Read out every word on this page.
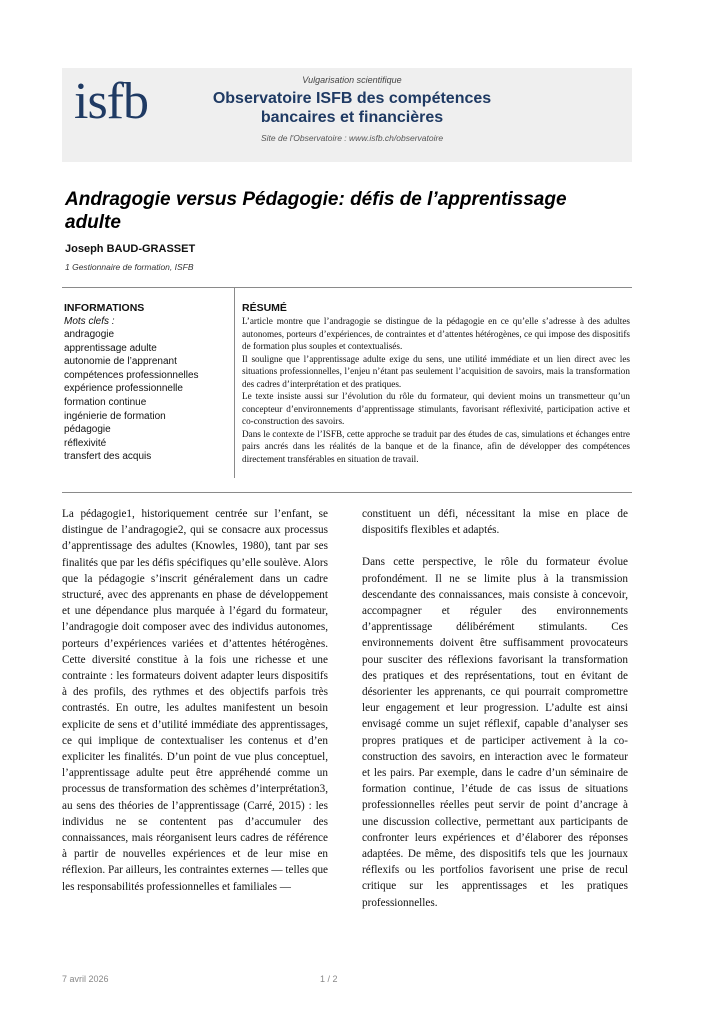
isfb	Vulgarisation scientifique
Observatoire ISFB des compétences
bancaires et financières
Site de l'Observatoire : www.isfb.ch/observatoire
Andragogie versus Pédagogie: défis de l’apprentissage adulte
Joseph BAUD-GRASSET
1 Gestionnaire de formation, ISFB
INFORMATIONS
Mots clefs :
andragogie
apprentissage adulte
autonomie de l’apprenant
compétences professionnelles
expérience professionnelle
formation continue
ingénierie de formation
pédagogie
réflexivité
transfert des acquis
RÉSUMÉ

L’article montre que l’andragogie se distingue de la pédagogie en ce qu’elle s’adresse à des adultes autonomes, porteurs d’expériences, de contraintes et d’attentes hétérogènes, ce qui impose des dispositifs de formation plus souples et contextualisés.

Il souligne que l’apprentissage adulte exige du sens, une utilité immédiate et un lien direct avec les situations professionnelles, l’enjeu n’étant pas seulement l’acquisition de savoirs, mais la transformation des cadres d’interprétation et des pratiques.

Le texte insiste aussi sur l’évolution du rôle du formateur, qui devient moins un transmetteur qu’un concepteur d’environnements d’apprentissage stimulants, favorisant réflexivité, participation active et co-construction des savoirs.

Dans le contexte de l’ISFB, cette approche se traduit par des études de cas, simulations et échanges entre pairs ancrés dans les réalités de la banque et de la finance, afin de développer des compétences directement transférables en situation de travail.

La pédagogie1, historiquement centrée sur l’enfant, se distingue de l’andragogie2, qui se consacre aux processus d’apprentissage des adultes (Knowles, 1980), tant par ses finalités que par les défis spécifiques qu’elle soulève. Alors que la pédagogie s’inscrit généralement dans un cadre structuré, avec des apprenants en phase de développement et une dépendance plus marquée à l’égard du formateur, l’andragogie doit composer avec des individus autonomes, porteurs d’expériences variées et d’attentes hétérogènes. Cette diversité constitue à la fois une richesse et une contrainte : les formateurs doivent adapter leurs dispositifs à des profils, des rythmes et des objectifs parfois très contrastés. En outre, les adultes manifestent un besoin explicite de sens et d’utilité immédiate des apprentissages, ce qui implique de contextualiser les contenus et d’en expliciter les finalités. D’un point de vue plus conceptuel, l’apprentissage adulte peut être appréhendé comme un processus de transformation des schèmes d’interprétation3, au sens des théories de l’apprentissage (Carré, 2015) : les individus ne se contentent pas d’accumuler des connaissances, mais réorganisent leurs cadres de référence à partir de nouvelles expériences et de leur mise en réflexion. Par ailleurs, les contraintes externes — telles que les responsabilités professionnelles et familiales —

constituent un défi, nécessitant la mise en place de dispositifs flexibles et adaptés.

Dans cette perspective, le rôle du formateur évolue profondément. Il ne se limite plus à la transmission descendante des connaissances, mais consiste à concevoir, accompagner et réguler des environnements d’apprentissage délibérément stimulants. Ces environnements doivent être suffisamment provocateurs pour susciter des réflexions favorisant la transformation des pratiques et des représentations, tout en évitant de désorienter les apprenants, ce qui pourrait compromettre leur engagement et leur progression. L’adulte est ainsi envisagé comme un sujet réflexif, capable d’analyser ses propres pratiques et de participer activement à la co-construction des savoirs, en interaction avec le formateur et les pairs. Par exemple, dans le cadre d’un séminaire de formation continue, l’étude de cas issus de situations professionnelles réelles peut servir de point d’ancrage à une discussion collective, permettant aux participants de confronter leurs expériences et d’élaborer des réponses adaptées. De même, des dispositifs tels que les journaux réflexifs ou les portfolios favorisent une prise de recul critique sur les apprentissages et les pratiques professionnelles.

7 avril 2026	1 / 2
